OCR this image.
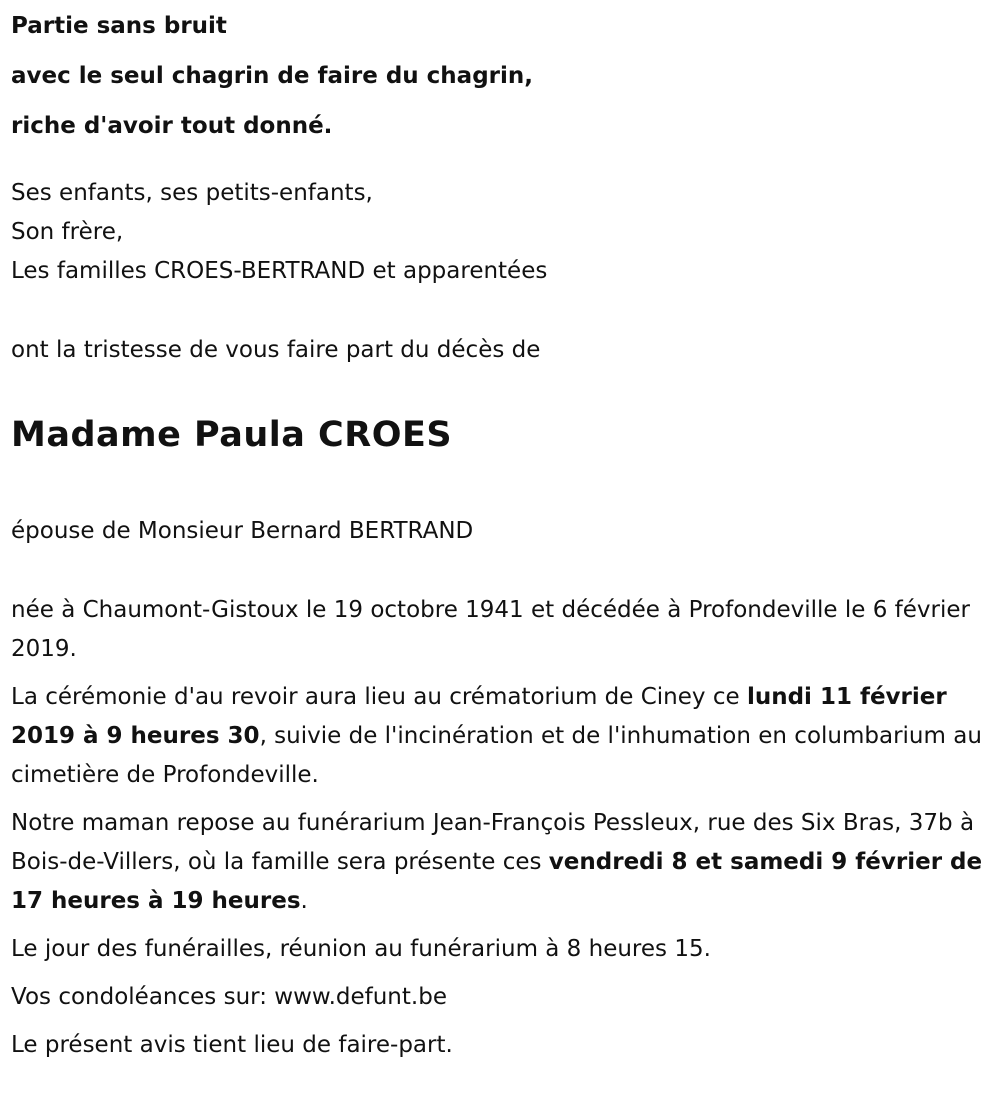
Partie sans bruit

avec le seul chagrin de faire du chagrin,

riche d'avoir tout donné.

Ses enfants, ses petits-enfants,
Son frère,
Les familles CROES-BERTRAND et apparentées
ont la tristesse de vous faire part du décès de
Madame Paula CROES
épouse de Monsieur Bernard BERTRAND

née à Chaumont-Gistoux le 19 octobre 1941 et décédée à Profondeville le 6 février 2019.

La cérémonie d'au revoir aura lieu au crématorium de Ciney ce lundi 11 février 2019 à 9 heures 30, suivie de l'incinération et de l'inhumation en columbarium au cimetière de Profondeville.

Notre maman repose au funérarium Jean-François Pessleux, rue des Six Bras, 37b à Bois-de-Villers, où la famille sera présente ces vendredi 8 et samedi 9 février de 17 heures à 19 heures.

Le jour des funérailles, réunion au funérarium à 8 heures 15.

Vos condoléances sur: www.defunt.be

Le présent avis tient lieu de faire-part.
